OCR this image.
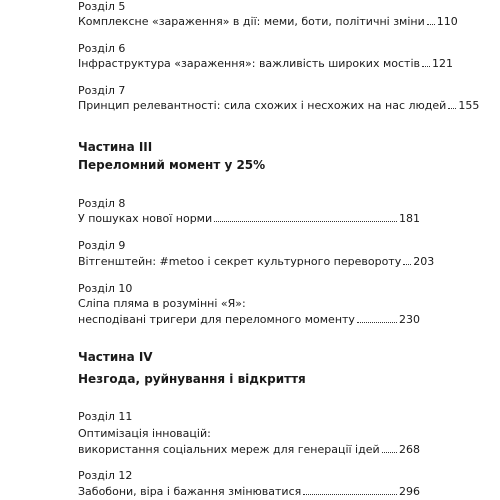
Розділ 5
Комплексне «зараження» в дії: меми, боти, політичні зміни 110
Розділ 6
Інфраструктура «зараження»: важливість широких мостів 121
Розділ 7
Принцип релевантності: сила схожих і несхожих на нас людей 155
Частина III
Переломний момент у 25%
Розділ 8
У пошуках нової норми	181
Розділ 9
Вітгенштейн: #metoo і секрет культурного перевороту 203
Розділ 10
Сліпа пляма в розумінні «Я»:
несподівані тригери для переломного моменту	230
Частина IV
Незгода, руйнування і відкриття
Розділ 11
Оптимізація інновацій:
використання соціальних мереж для генерації ідей 268
Розділ 12
Забобони, віра і бажання змінюватися	296
